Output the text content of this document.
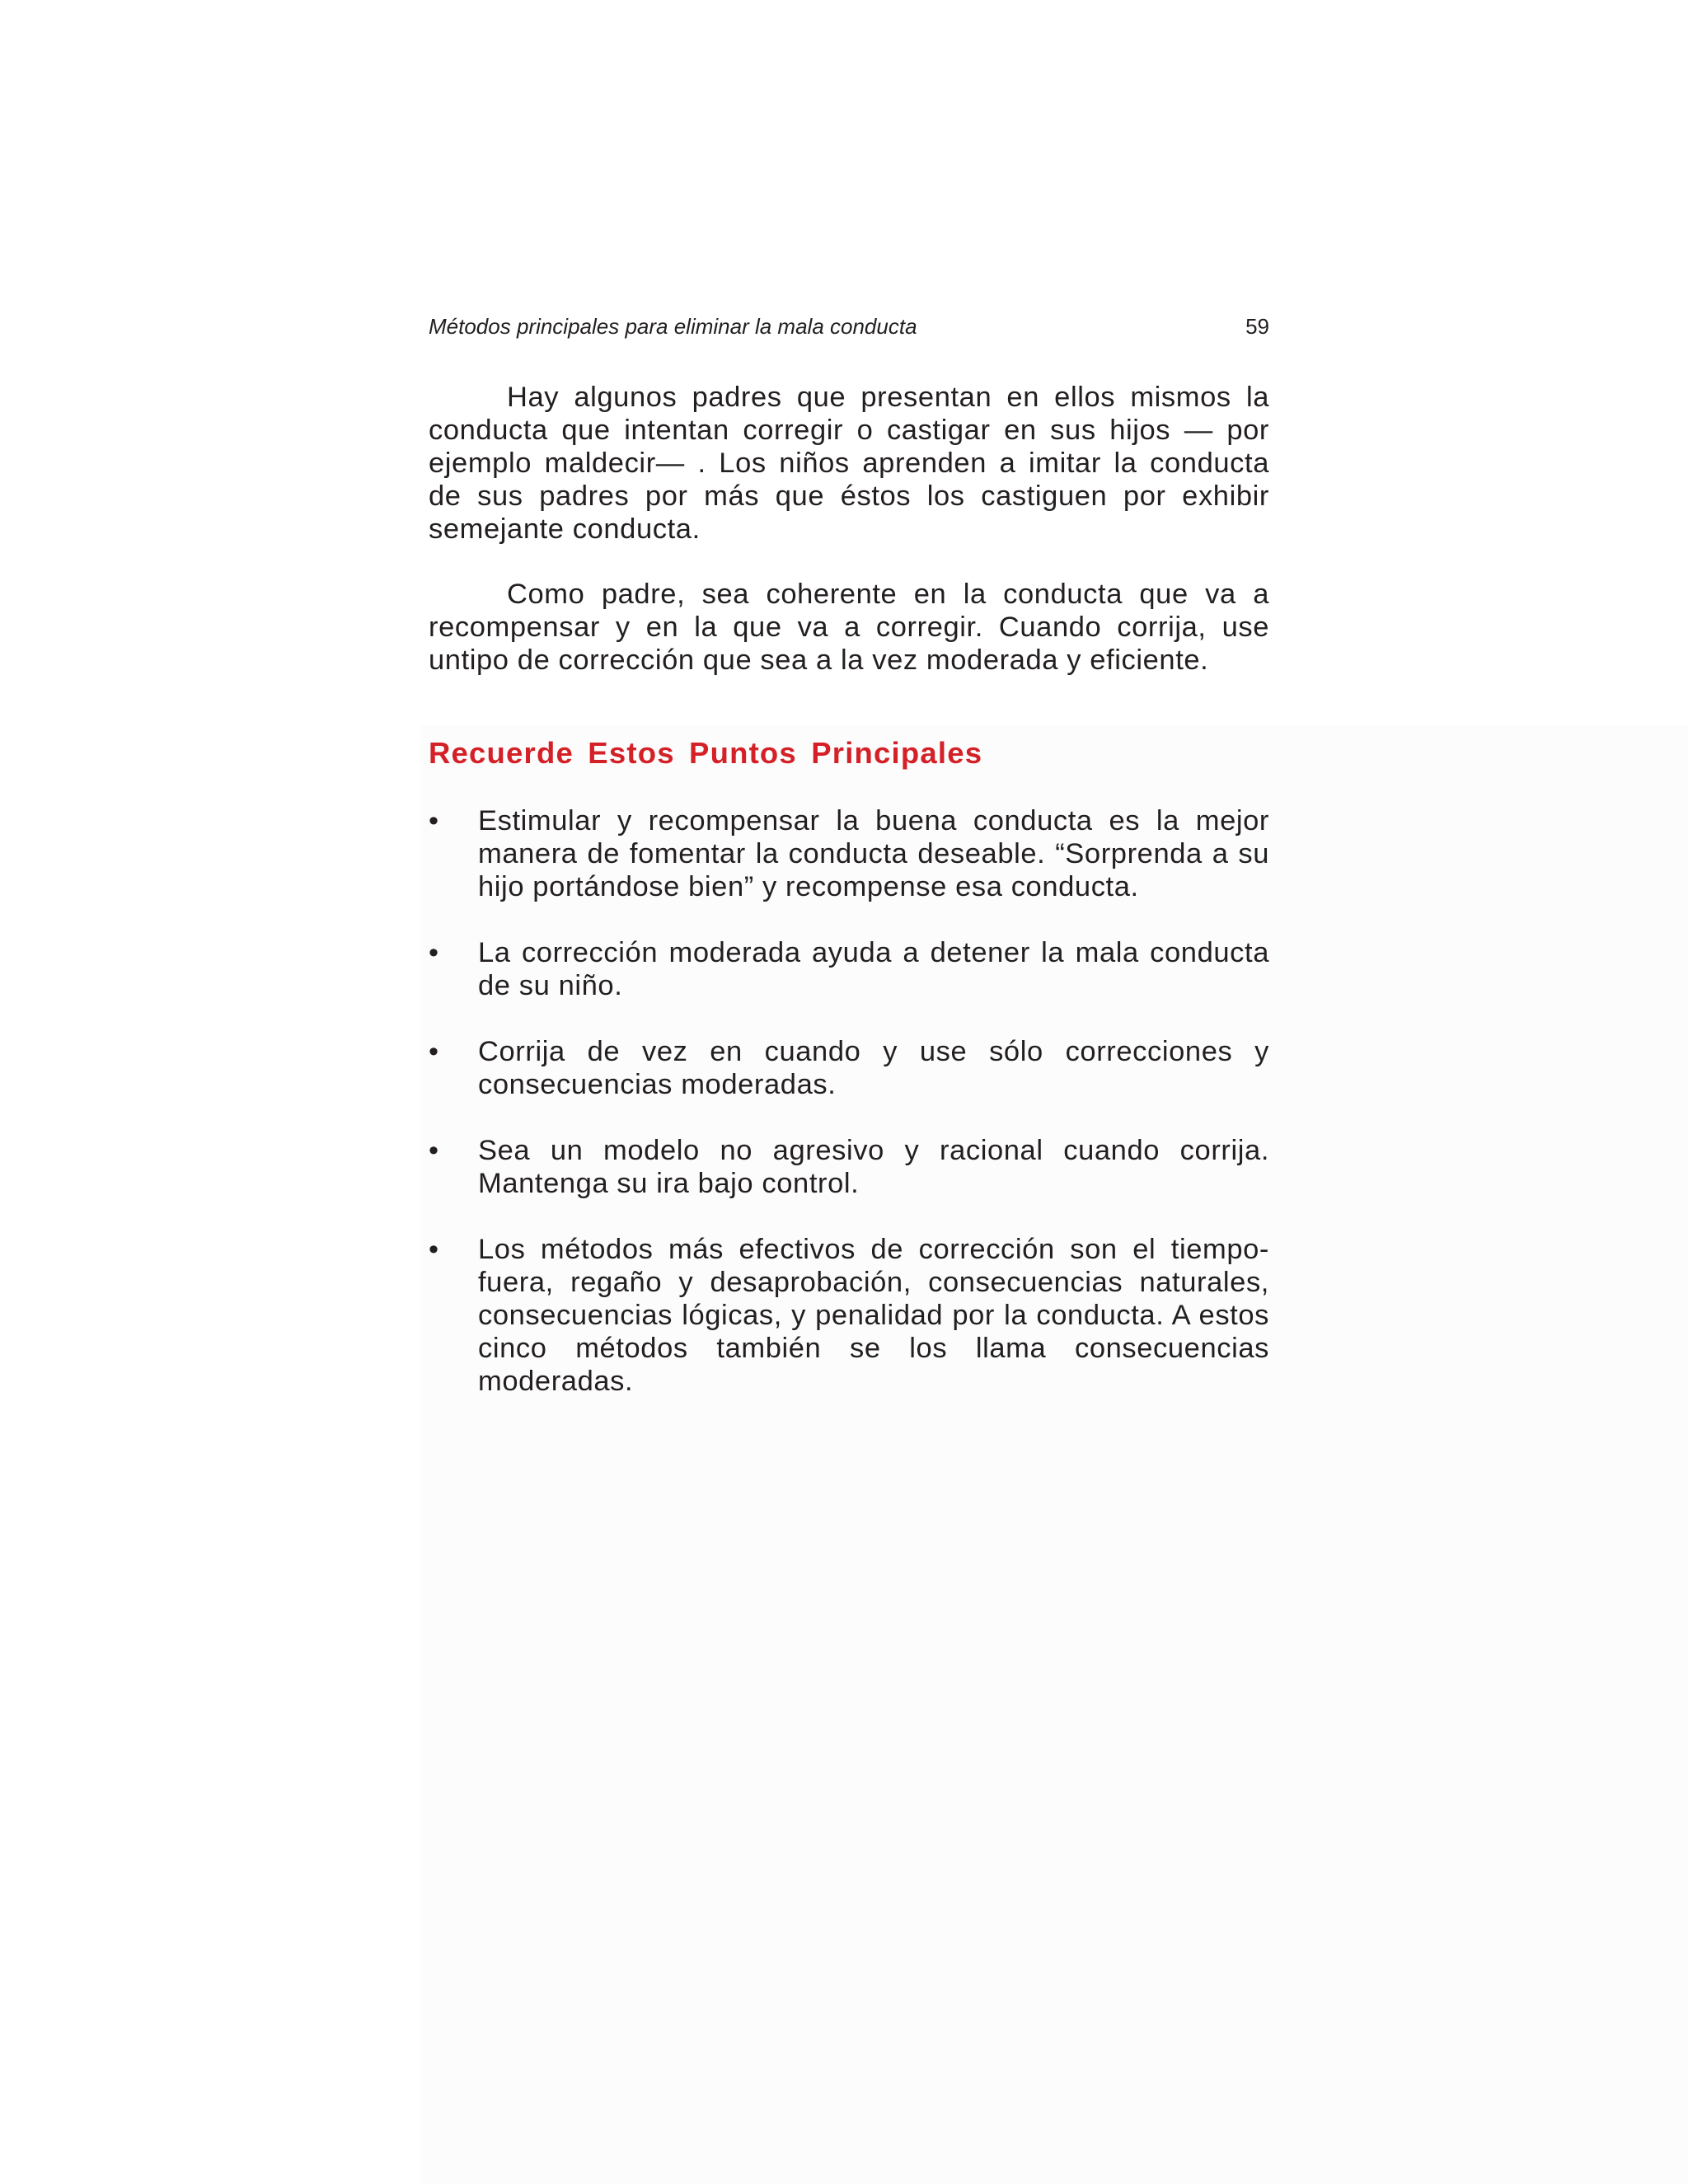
Métodos principales para eliminar la mala conducta	59

Hay algunos padres que presentan en ellos mismos la conducta que intentan corregir o castigar en sus hijos — por ejemplo maldecir— . Los niños aprenden a imitar la conducta de sus padres por más que éstos los castiguen por exhibir semejante conducta.

Como padre, sea coherente en la conducta que va a recompensar y en la que va a corregir. Cuando corrija, use untipo de corrección que sea a la vez moderada y eficiente.

Recuerde Estos Puntos Principales
• Estimular y recompensar la buena conducta es la mejor manera de fomentar la conducta deseable. “Sorprenda a su hijo portándose bien” y recompense esa conducta.
• La corrección moderada ayuda a detener la mala conducta de su niño.
• Corrija de vez en cuando y use sólo correcciones y consecuencias moderadas.
• Sea un modelo no agresivo y racional cuando corrija. Mantenga su ira bajo control.
• Los métodos más efectivos de corrección son el tiempo-fuera, regaño y desaprobación, consecuencias naturales, consecuencias lógicas, y penalidad por la conducta. A estos cinco métodos también se los llama consecuencias moderadas.
